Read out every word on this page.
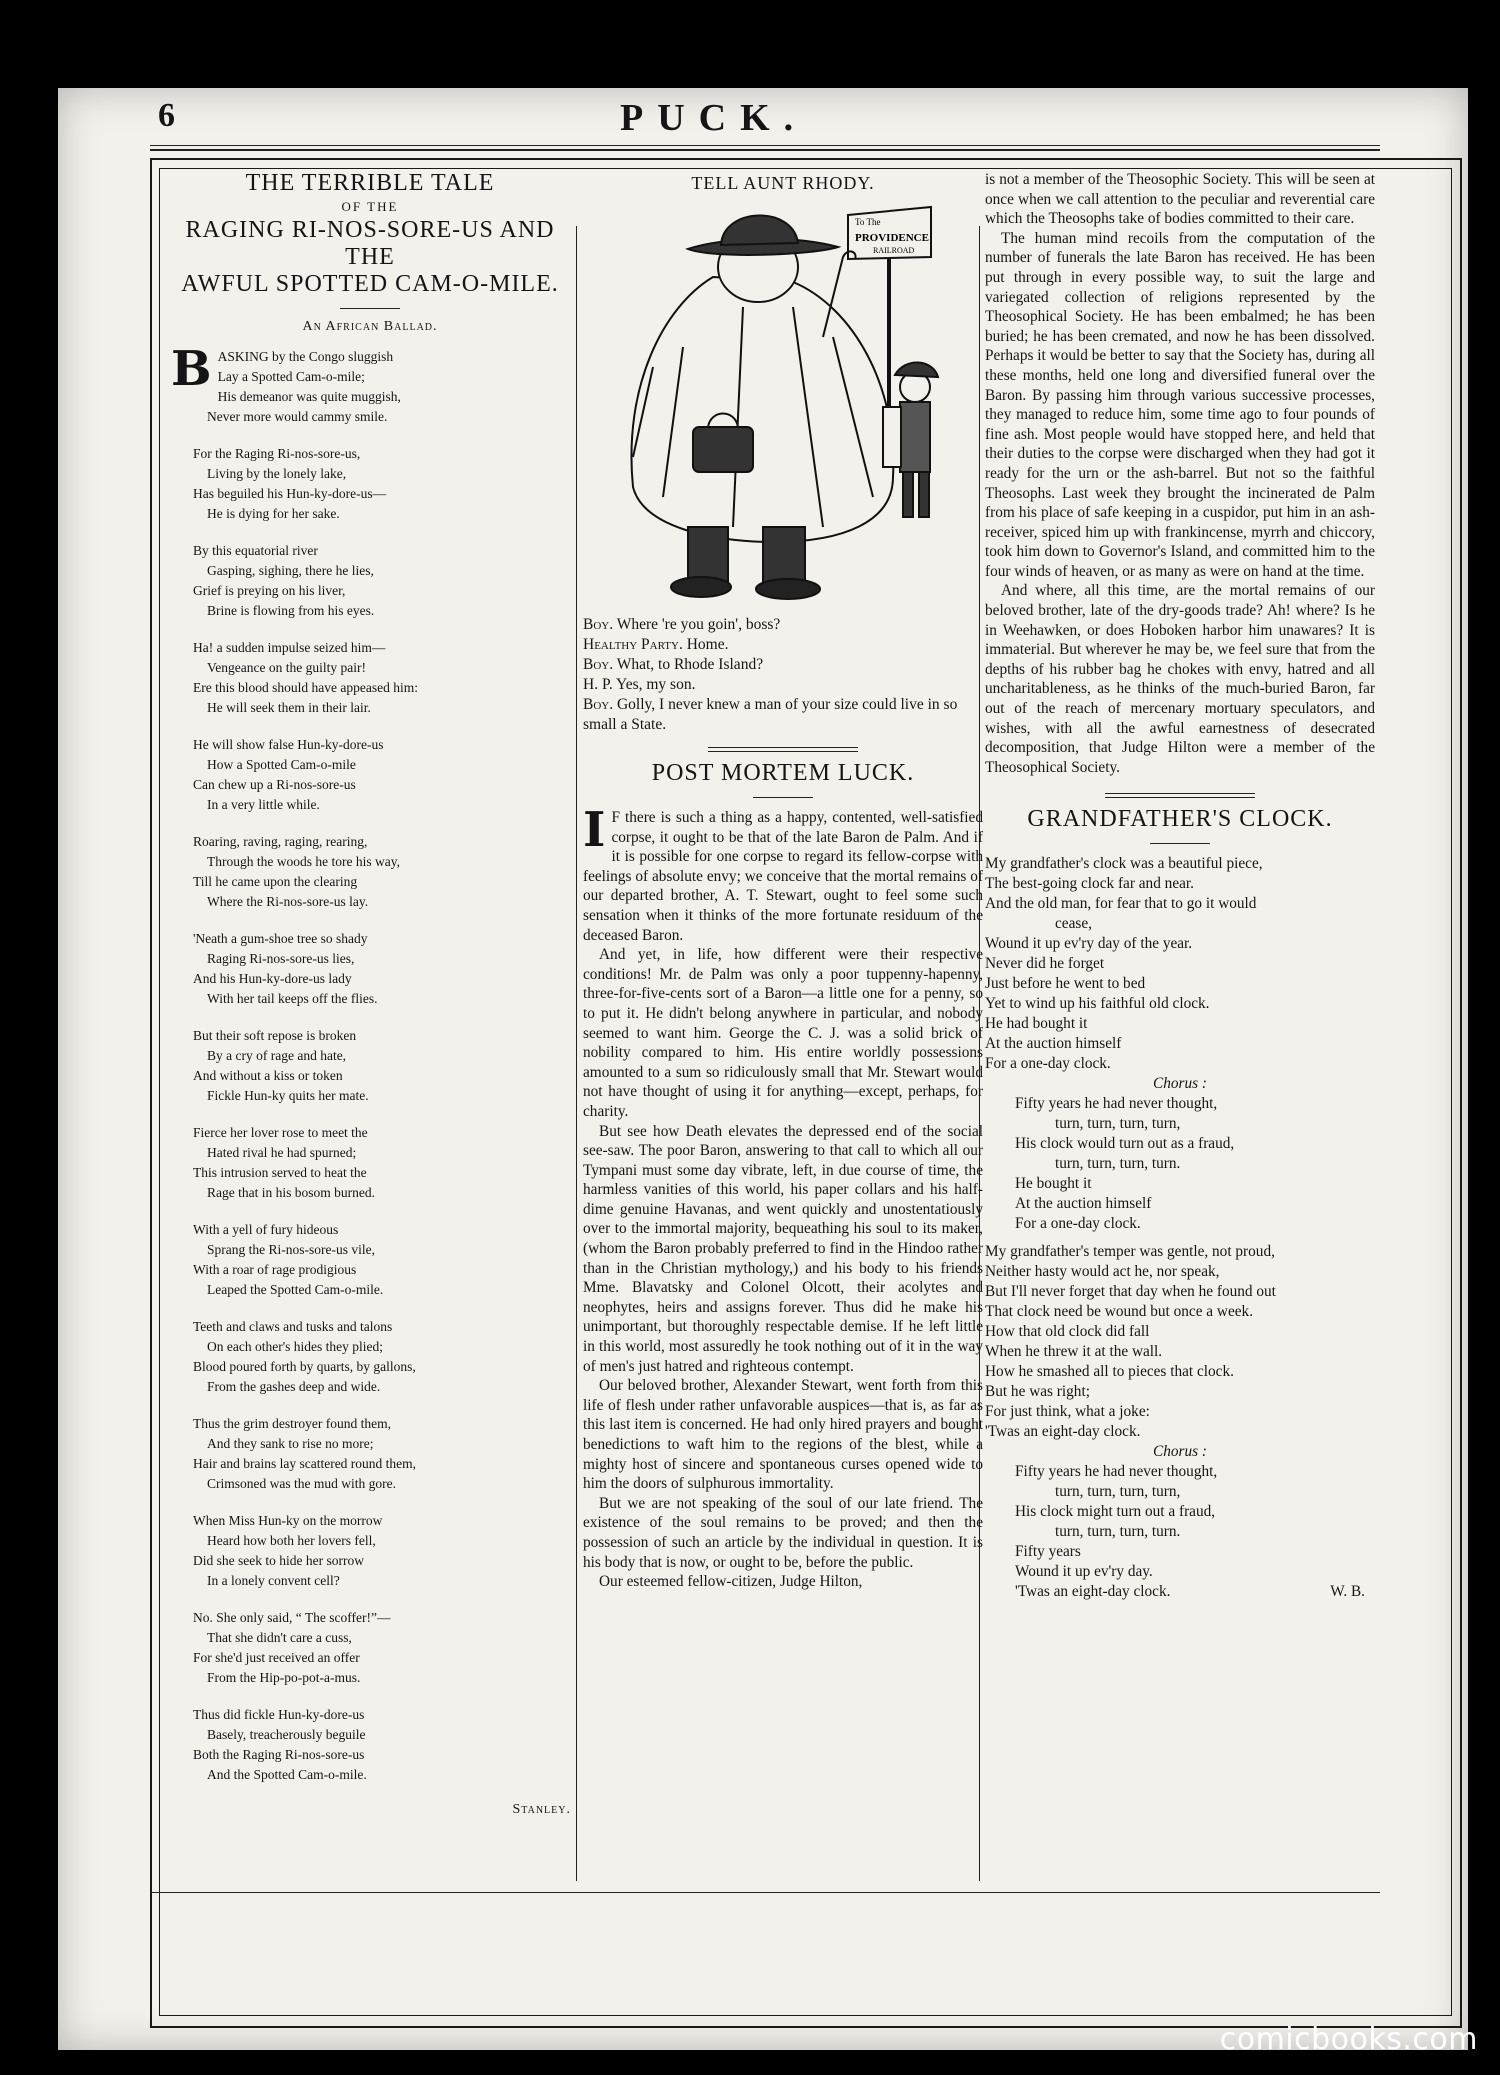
6	PUCK.
THE TERRIBLE TALE
OF THE
RAGING RI-NOS-SORE-US AND THE
AWFUL SPOTTED CAM-O-MILE.
An African Ballad.
B ASKING by the Congo sluggish
Lay a Spotted Cam-o-mile;
His demeanor was quite muggish,
Never more would cammy smile.
For the Raging Ri-nos-sore-us,
Living by the lonely lake,
Has beguiled his Hun-ky-dore-us—
He is dying for her sake.
By this equatorial river
Gasping, sighing, there he lies,
Grief is preying on his liver,
Brine is flowing from his eyes.
Ha! a sudden impulse seized him—
Vengeance on the guilty pair!
Ere this blood should have appeased him:
He will seek them in their lair.
He will show false Hun-ky-dore-us
How a Spotted Cam-o-mile
Can chew up a Ri-nos-sore-us
In a very little while.
Roaring, raving, raging, rearing,
Through the woods he tore his way,
Till he came upon the clearing
Where the Ri-nos-sore-us lay.
'Neath a gum-shoe tree so shady
Raging Ri-nos-sore-us lies,
And his Hun-ky-dore-us lady
With her tail keeps off the flies.
But their soft repose is broken
By a cry of rage and hate,
And without a kiss or token
Fickle Hun-ky quits her mate.
Fierce her lover rose to meet the
Hated rival he had spurned;
This intrusion served to heat the
Rage that in his bosom burned.
With a yell of fury hideous
Sprang the Ri-nos-sore-us vile,
With a roar of rage prodigious
Leaped the Spotted Cam-o-mile.
Teeth and claws and tusks and talons
On each other's hides they plied;
Blood poured forth by quarts, by gallons,
From the gashes deep and wide.
Thus the grim destroyer found them,
And they sank to rise no more;
Hair and brains lay scattered round them,
Crimsoned was the mud with gore.
When Miss Hun-ky on the morrow
Heard how both her lovers fell,
Did she seek to hide her sorrow
In a lonely convent cell?
No. She only said, “ The scoffer!”—
That she didn't care a cuss,
For she'd just received an offer
From the Hip-po-pot-a-mus.
Thus did fickle Hun-ky-dore-us
Basely, treacherously beguile
Both the Raging Ri-nos-sore-us
And the Spotted Cam-o-mile.
Stanley.
TELL AUNT RHODY.
To The
PROVIDENCE
RAILROAD
Boy. Where 're you goin', boss?
Healthy Party. Home.
Boy. What, to Rhode Island?
H. P. Yes, my son.
Boy. Golly, I never knew a man of your size could live in so small a State.
POST MORTEM LUCK.

I F there is such a thing as a happy, contented, well-satisfied corpse, it ought to be that of the late Baron de Palm. And if it is possible for one corpse to regard its fellow-corpse with feelings of absolute envy; we conceive that the mortal remains of our departed brother, A. T. Stewart, ought to feel some such sensation when it thinks of the more fortunate residuum of the deceased Baron.

And yet, in life, how different were their respective conditions! Mr. de Palm was only a poor tuppenny-hapenny, three-for-five-cents sort of a Baron—a little one for a penny, so to put it. He didn't belong anywhere in particular, and nobody seemed to want him. George the C. J. was a solid brick of nobility compared to him. His entire worldly possessions amounted to a sum so ridiculously small that Mr. Stewart would not have thought of using it for anything—except, perhaps, for charity.

But see how Death elevates the depressed end of the social see-saw. The poor Baron, answering to that call to which all our Tympani must some day vibrate, left, in due course of time, the harmless vanities of this world, his paper collars and his half-dime genuine Havanas, and went quickly and unostentatiously over to the immortal majority, bequeathing his soul to its maker, (whom the Baron probably preferred to find in the Hindoo rather than in the Christian mythology,) and his body to his friends Mme. Blavatsky and Colonel Olcott, their acolytes and neophytes, heirs and assigns forever. Thus did he make his unimportant, but thoroughly respectable demise. If he left little in this world, most assuredly he took nothing out of it in the way of men's just hatred and righteous contempt.

Our beloved brother, Alexander Stewart, went forth from this life of flesh under rather unfavorable auspices—that is, as far as this last item is concerned. He had only hired prayers and bought benedictions to waft him to the regions of the blest, while a mighty host of sincere and spontaneous curses opened wide to him the doors of sulphurous immortality.

But we are not speaking of the soul of our late friend. The existence of the soul remains to be proved; and then the possession of such an article by the individual in question. It is his body that is now, or ought to be, before the public.

Our esteemed fellow-citizen, Judge Hilton,

is not a member of the Theosophic Society. This will be seen at once when we call attention to the peculiar and reverential care which the Theosophs take of bodies committed to their care.

The human mind recoils from the computation of the number of funerals the late Baron has received. He has been put through in every possible way, to suit the large and variegated collection of religions represented by the Theosophical Society. He has been embalmed; he has been buried; he has been cremated, and now he has been dissolved. Perhaps it would be better to say that the Society has, during all these months, held one long and diversified funeral over the Baron. By passing him through various successive processes, they managed to reduce him, some time ago to four pounds of fine ash. Most people would have stopped here, and held that their duties to the corpse were discharged when they had got it ready for the urn or the ash-barrel. But not so the faithful Theosophs. Last week they brought the incinerated de Palm from his place of safe keeping in a cuspidor, put him in an ash-receiver, spiced him up with frankincense, myrrh and chiccory, took him down to Governor's Island, and committed him to the four winds of heaven, or as many as were on hand at the time.

And where, all this time, are the mortal remains of our beloved brother, late of the dry-goods trade? Ah! where? Is he in Weehawken, or does Hoboken harbor him unawares? It is immaterial. But wherever he may be, we feel sure that from the depths of his rubber bag he chokes with envy, hatred and all uncharitableness, as he thinks of the much-buried Baron, far out of the reach of mercenary mortuary speculators, and wishes, with all the awful earnestness of desecrated decomposition, that Judge Hilton were a member of the Theosophical Society.

GRANDFATHER'S CLOCK.
My grandfather's clock was a beautiful piece,
The best-going clock far and near.
And the old man, for fear that to go it would
cease,
Wound it up ev'ry day of the year.
Never did he forget
Just before he went to bed
Yet to wind up his faithful old clock.
He had bought it
At the auction himself
For a one-day clock.
Chorus :
Fifty years he had never thought,
turn, turn, turn, turn,
His clock would turn out as a fraud,
turn, turn, turn, turn.
He bought it
At the auction himself
For a one-day clock.
My grandfather's temper was gentle, not proud,
Neither hasty would act he, nor speak,
But I'll never forget that day when he found out
That clock need be wound but once a week.
How that old clock did fall
When he threw it at the wall.
How he smashed all to pieces that clock.
But he was right;
For just think, what a joke:
'Twas an eight-day clock.
Chorus :
Fifty years he had never thought,
turn, turn, turn, turn,
His clock might turn out a fraud,
turn, turn, turn, turn.
Fifty years
Wound it up ev'ry day.
'Twas an eight-day clock.	W. B.
comicbooks.com
